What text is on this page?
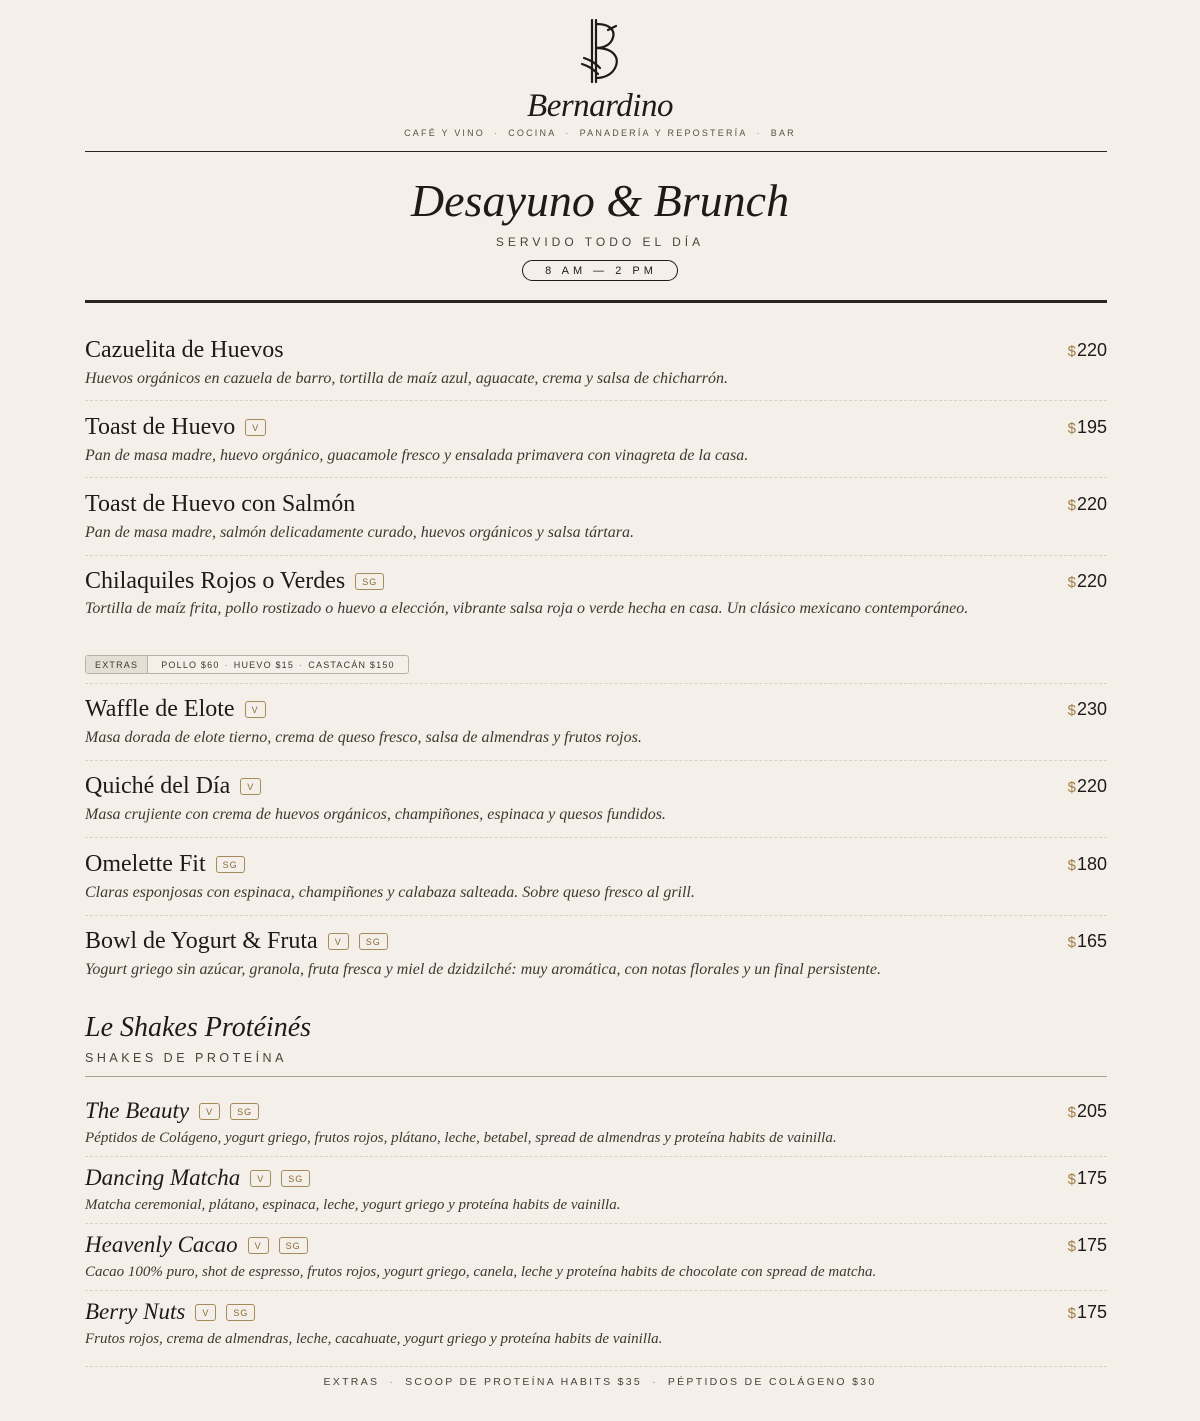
Bernardino
CAFÉ Y VINO · COCINA · PANADERÍA Y REPOSTERÍA · BAR
Desayuno & Brunch
SERVIDO TODO EL DÍA
8 AM — 2 PM
Cazuelita de Huevos	$220
Huevos orgánicos en cazuela de barro, tortilla de maíz azul, aguacate, crema y salsa de chicharrón.
Toast de Huevo	V	$195
Pan de masa madre, huevo orgánico, guacamole fresco y ensalada primavera con vinagreta de la casa.
Toast de Huevo con Salmón	$220
Pan de masa madre, salmón delicadamente curado, huevos orgánicos y salsa tártara.
Chilaquiles Rojos o Verdes	SG	$220
Tortilla de maíz frita, pollo rostizado o huevo a elección, vibrante salsa roja o verde hecha en casa. Un clásico mexicano contemporáneo.
Waffle de Elote	V	$230
Masa dorada de elote tierno, crema de queso fresco, salsa de almendras y frutos rojos.
Quiché del Día	V	$220
Masa crujiente con crema de huevos orgánicos, champiñones, espinaca y quesos fundidos.
Omelette Fit	SG	$180
Claras esponjosas con espinaca, champiñones y calabaza salteada. Sobre queso fresco al grill.
Bowl de Yogurt & Fruta	V	SG	$165
Yogurt griego sin azúcar, granola, fruta fresca y miel de dzidzilché: muy aromática, con notas florales y un final persistente.
EXTRAS	POLLO $60 · HUEVO $15 · CASTACÁN $150
Le Shakes Protéinés
SHAKES DE PROTEÍNA
The Beauty	V	SG	$205
Péptidos de Colágeno, yogurt griego, frutos rojos, plátano, leche, betabel, spread de almendras y proteína habits de vainilla.
Dancing Matcha	V	SG	$175
Matcha ceremonial, plátano, espinaca, leche, yogurt griego y proteína habits de vainilla.
Heavenly Cacao	V	SG	$175
Cacao 100% puro, shot de espresso, frutos rojos, yogurt griego, canela, leche y proteína habits de chocolate con spread de matcha.
Berry Nuts	V	SG	$175
Frutos rojos, crema de almendras, leche, cacahuate, yogurt griego y proteína habits de vainilla.
EXTRAS · SCOOP DE PROTEÍNA HABITS $35 · PÉPTIDOS DE COLÁGENO $30
